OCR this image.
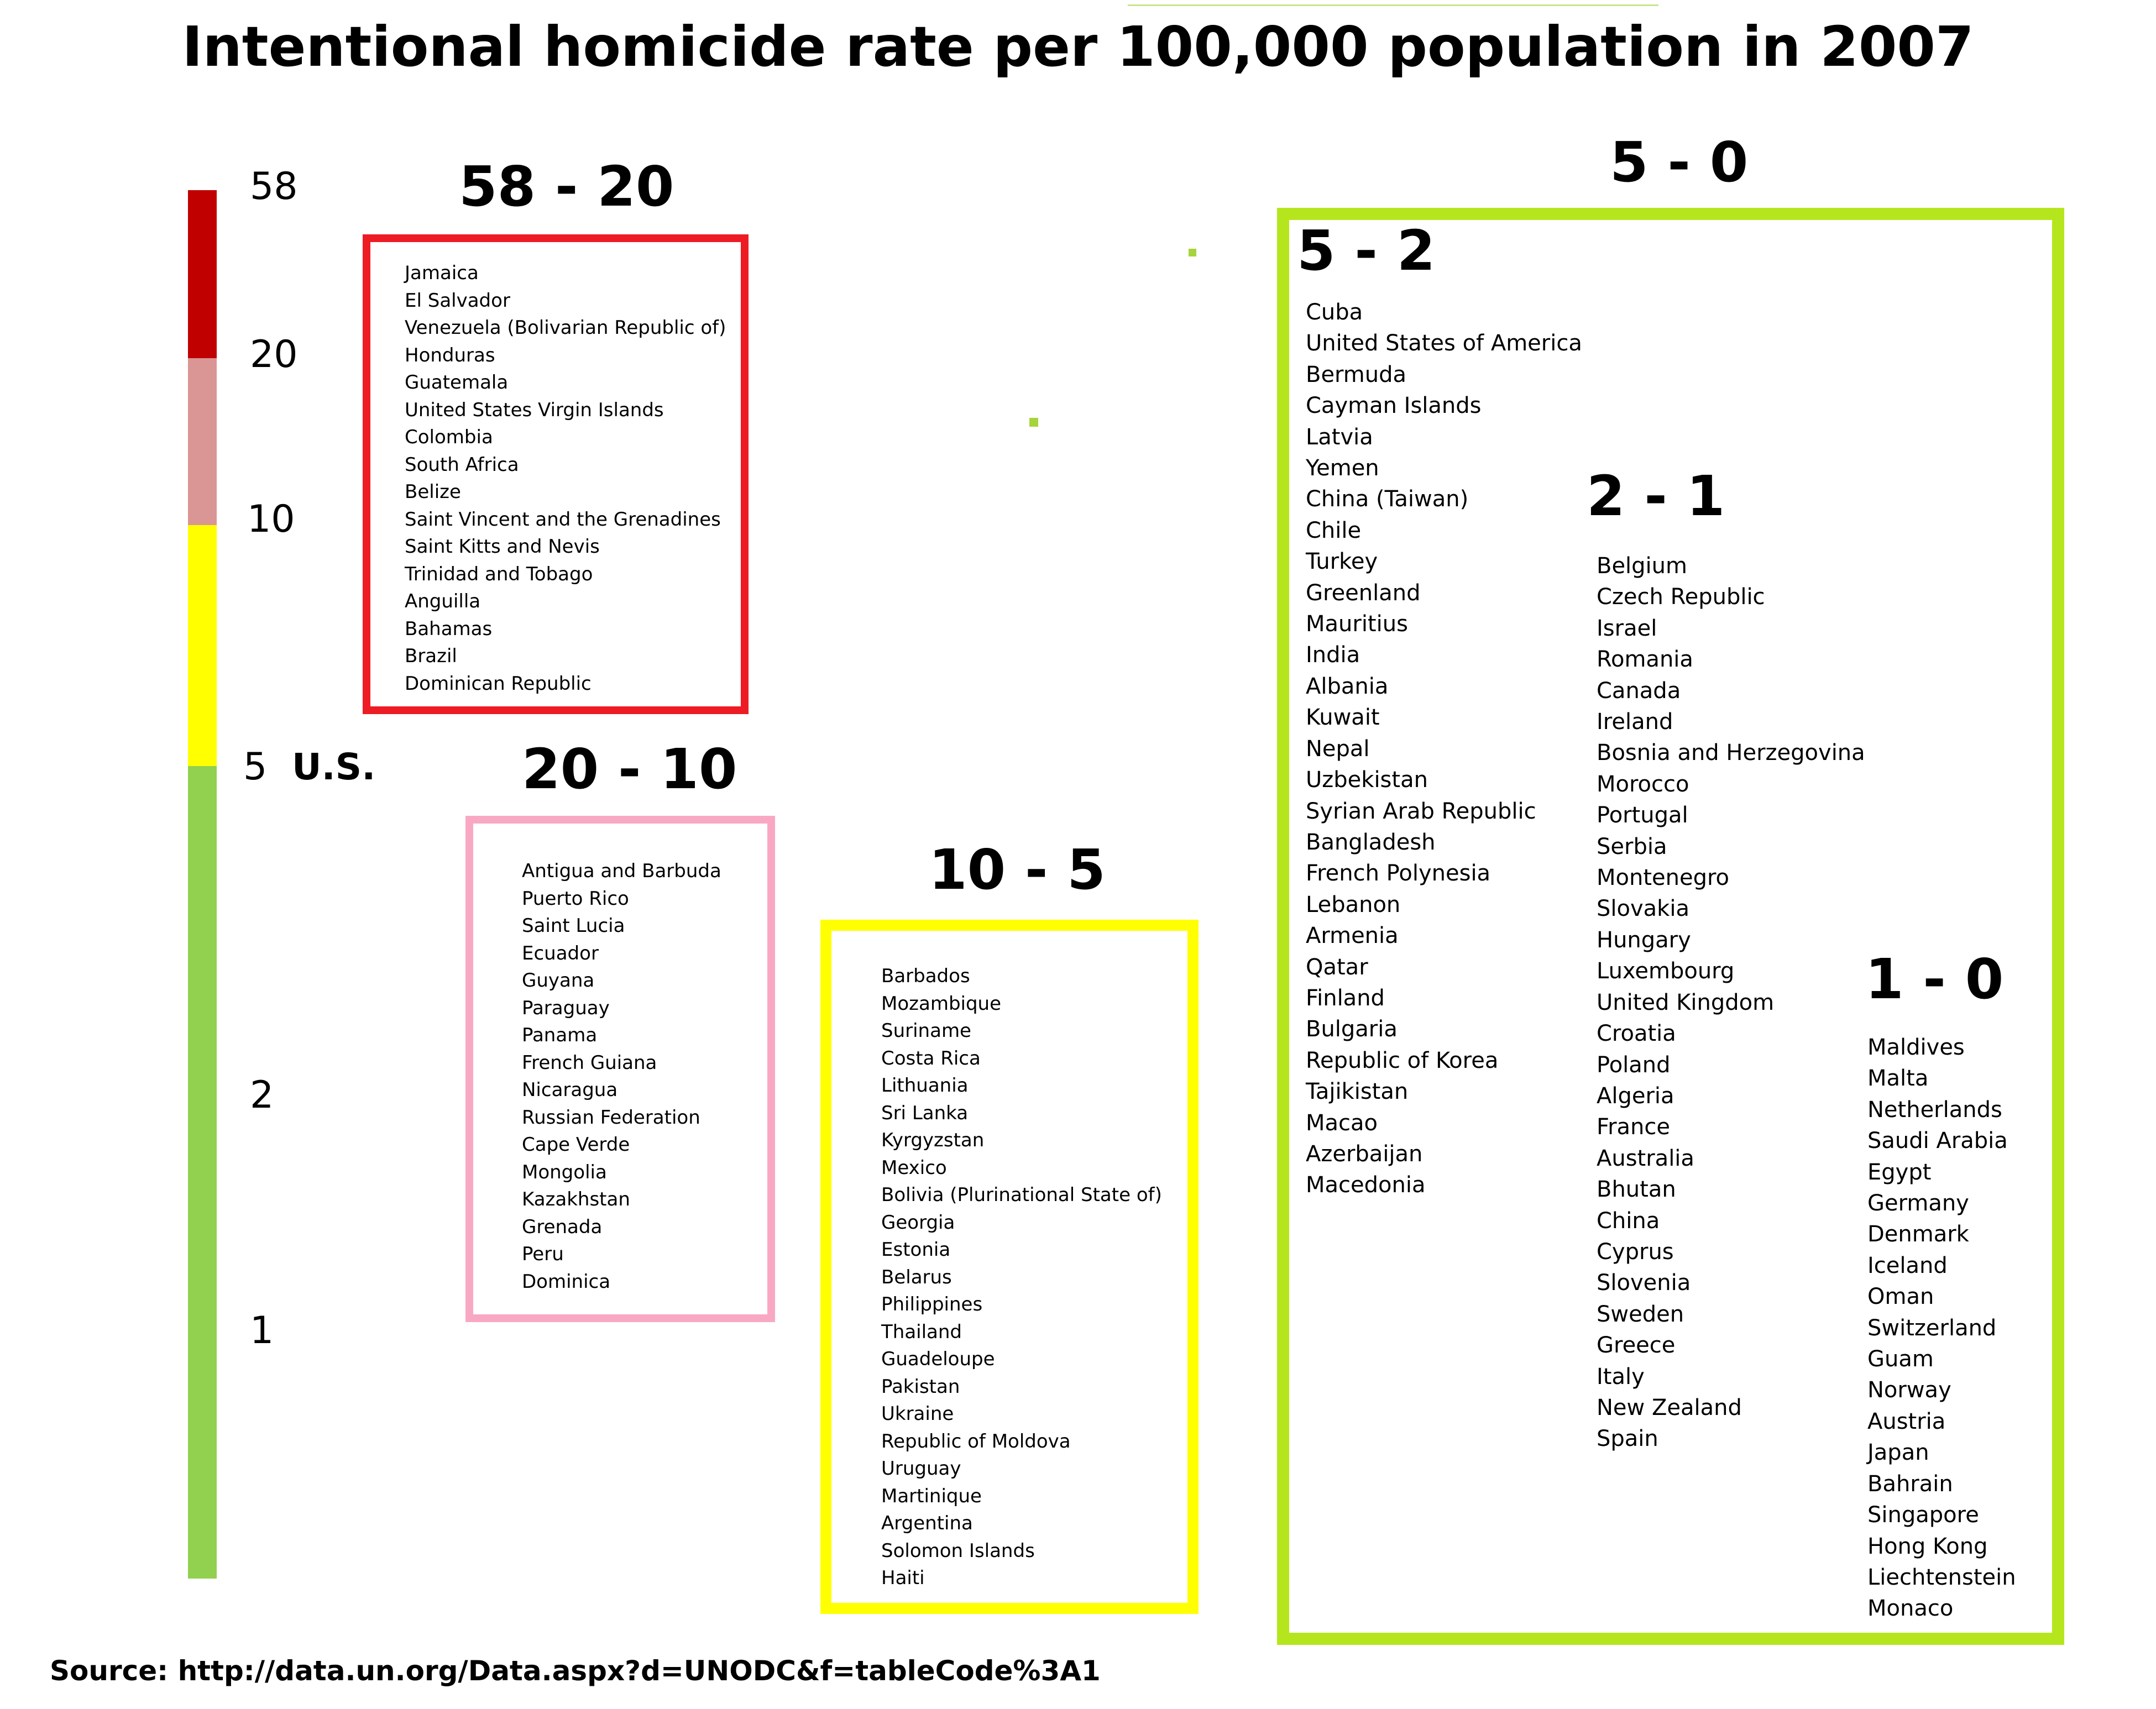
Intentional homicide rate per 100,000 population in 2007
58
20
10
5 U.S.
2
1
58 - 20
Jamaica
El Salvador
Venezuela (Bolivarian Republic of)
Honduras
Guatemala
United States Virgin Islands
Colombia
South Africa
Belize
Saint Vincent and the Grenadines
Saint Kitts and Nevis
Trinidad and Tobago
Anguilla
Bahamas
Brazil
Dominican Republic
20 - 10
Antigua and Barbuda
Puerto Rico
Saint Lucia
Ecuador
Guyana
Paraguay
Panama
French Guiana
Nicaragua
Russian Federation
Cape Verde
Mongolia
Kazakhstan
Grenada
Peru
Dominica
10 - 5
Barbados
Mozambique
Suriname
Costa Rica
Lithuania
Sri Lanka
Kyrgyzstan
Mexico
Bolivia (Plurinational State of)
Georgia
Estonia
Belarus
Philippines
Thailand
Guadeloupe
Pakistan
Ukraine
Republic of Moldova
Uruguay
Martinique
Argentina
Solomon Islands
Haiti
5 - 0
5 - 2
Cuba
United States of America
Bermuda
Cayman Islands
Latvia
Yemen
China (Taiwan)
Chile
Turkey
Greenland
Mauritius
India
Albania
Kuwait
Nepal
Uzbekistan
Syrian Arab Republic
Bangladesh
French Polynesia
Lebanon
Armenia
Qatar
Finland
Bulgaria
Republic of Korea
Tajikistan
Macao
Azerbaijan
Macedonia
2 - 1
Belgium
Czech Republic
Israel
Romania
Canada
Ireland
Bosnia and Herzegovina
Morocco
Portugal
Serbia
Montenegro
Slovakia
Hungary
Luxembourg
United Kingdom
Croatia
Poland
Algeria
France
Australia
Bhutan
China
Cyprus
Slovenia
Sweden
Greece
Italy
New Zealand
Spain
1 - 0
Maldives
Malta
Netherlands
Saudi Arabia
Egypt
Germany
Denmark
Iceland
Oman
Switzerland
Guam
Norway
Austria
Japan
Bahrain
Singapore
Hong Kong
Liechtenstein
Monaco
Source: http://data.un.org/Data.aspx?d=UNODC&f=tableCode%3A1
